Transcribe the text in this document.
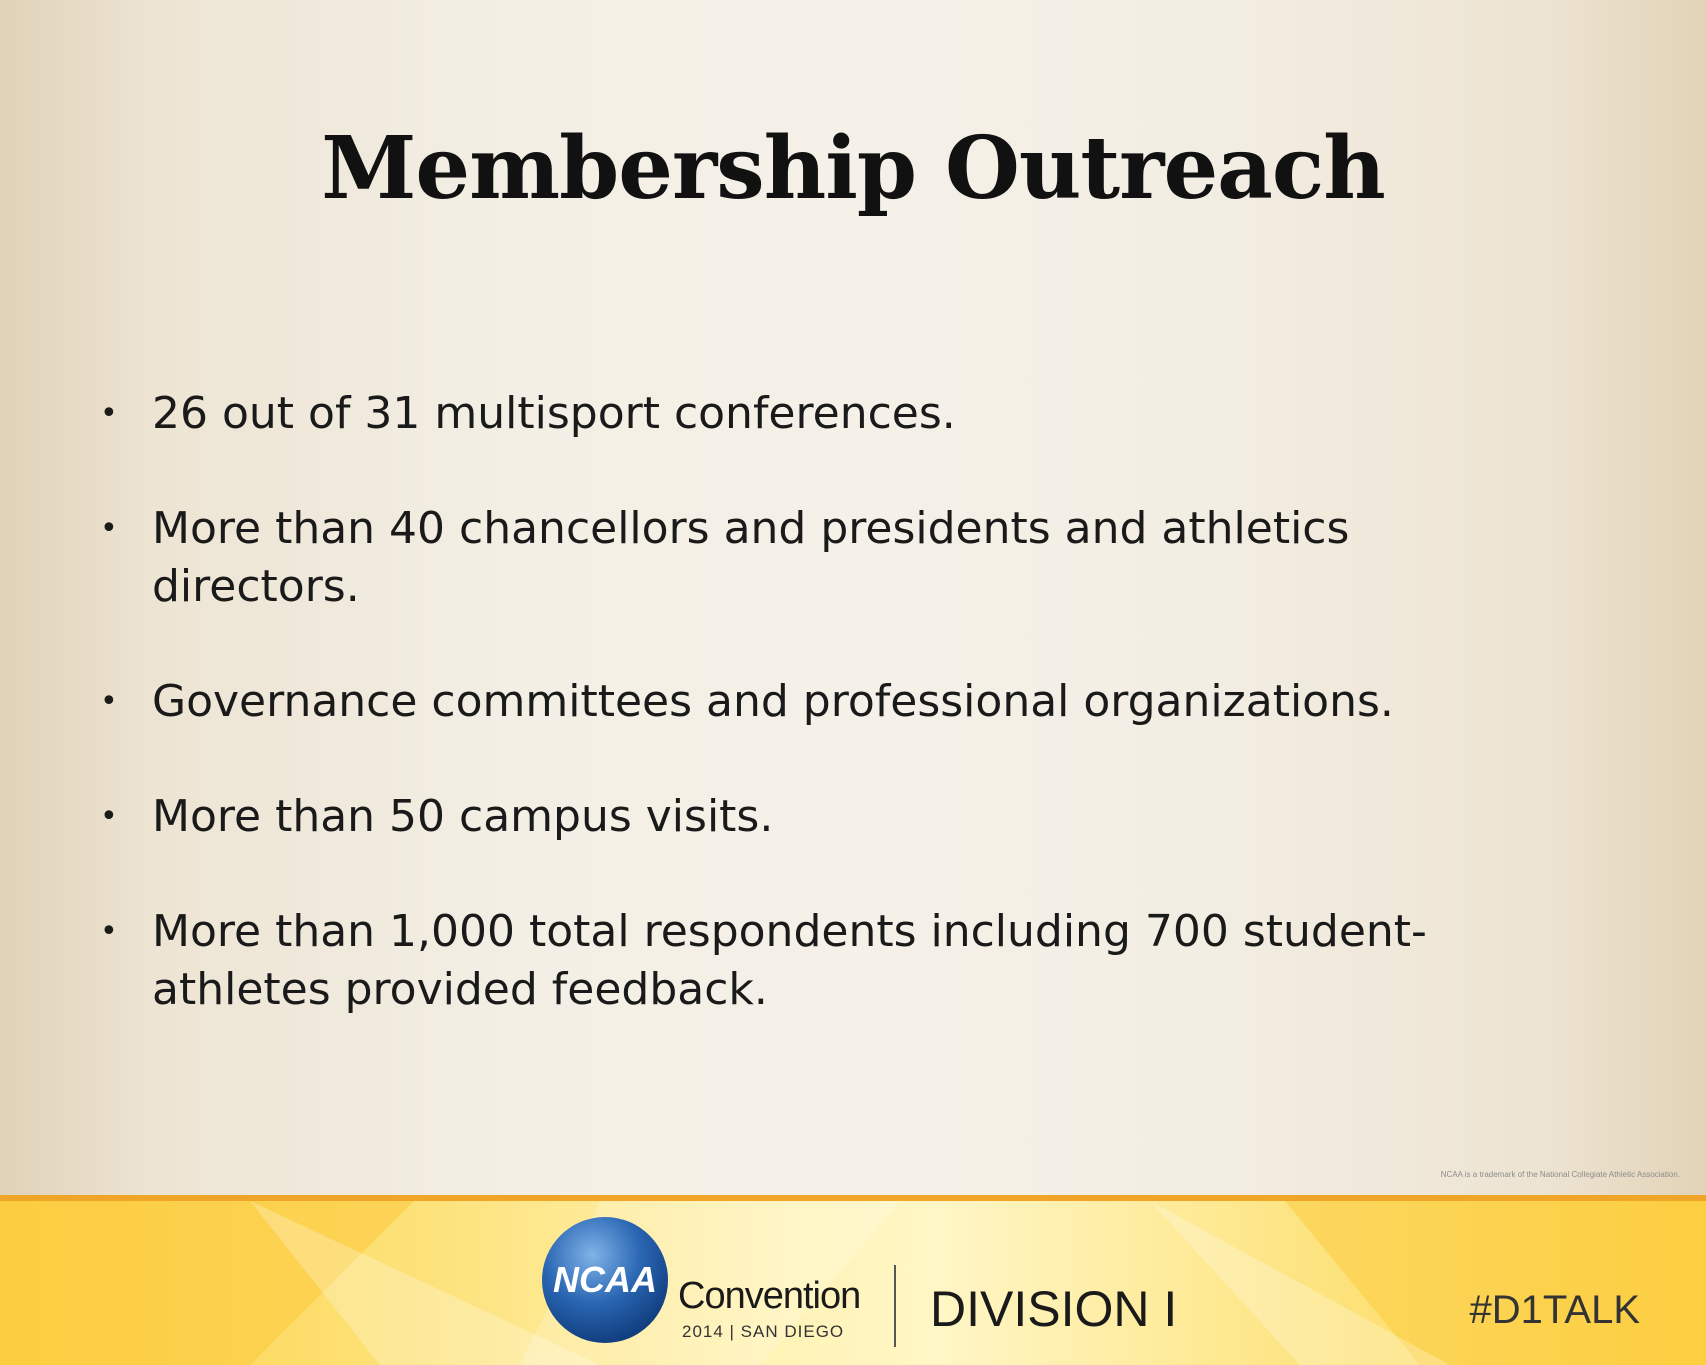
Membership Outreach
• 26 out of 31 multisport conferences.
• More than 40 chancellors and presidents and athletics directors.
• Governance committees and professional organizations.
• More than 50 campus visits.
• More than 1,000 total respondents including 700 student-athletes provided feedback.
NCAA is a trademark of the National Collegiate Athletic Association.
NCAA Convention
2014 | SAN DIEGO DIVISION I	#D1TALK
